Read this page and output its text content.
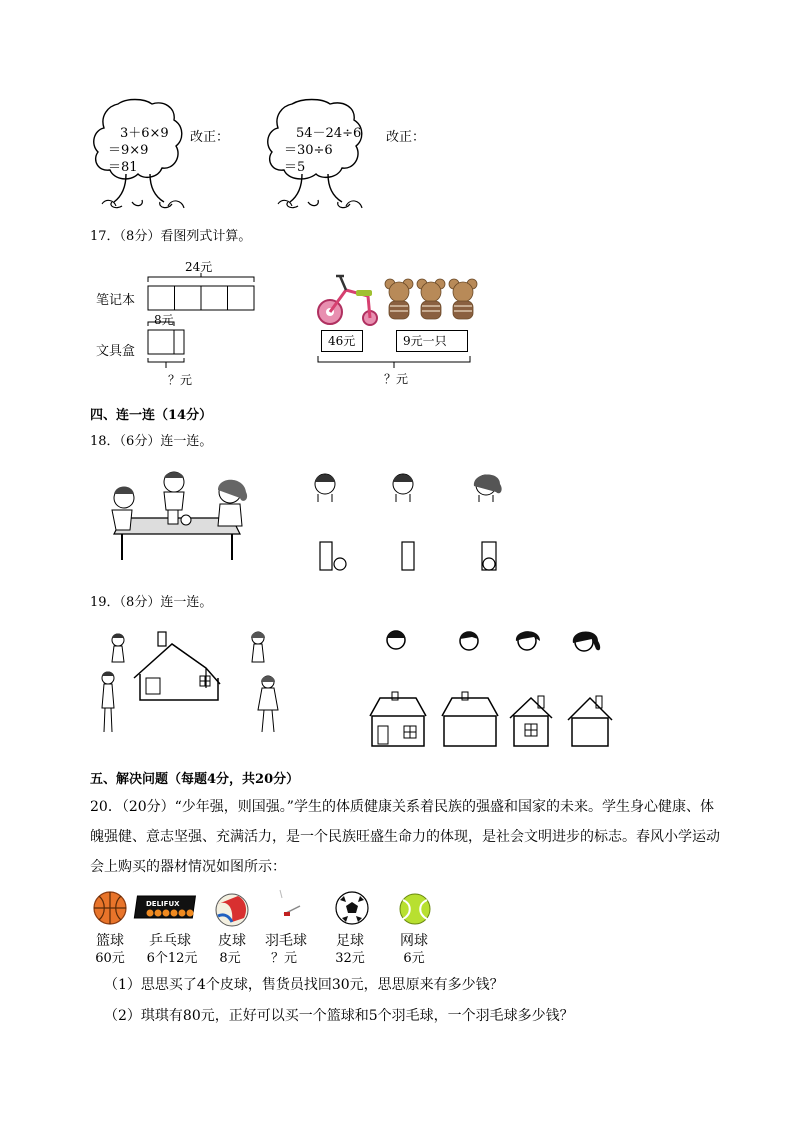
3＋6×9
＝9×9
＝81
改正：	54－24÷6
＝30÷6
＝5
改正：
17．（8分）看图列式计算。
24元
笔记本
8元
文具盒
？元
46元	9元一只
？元
四、连一连（14分）
18．（6分）连一连。
19．（8分）连一连。
五、解决问题（每题4分，共20分）
20．（20分）“少年强，则国强。”学生的体质健康关系着民族的强盛和国家的未来。学生身心健康、体魄强健、意志坚强、充满活力，是一个民族旺盛生命力的体现，是社会文明进步的标志。春风小学运动会上购买的器材情况如图所示：
DELIFUX
篮球
60元
乒乓球
6个12元
皮球
8元
羽毛球
？元
足球
32元
网球
6元
（1）思思买了4个皮球，售货员找回30元，思思原来有多少钱？
（2）琪琪有80元，正好可以买一个篮球和5个羽毛球，一个羽毛球多少钱？
